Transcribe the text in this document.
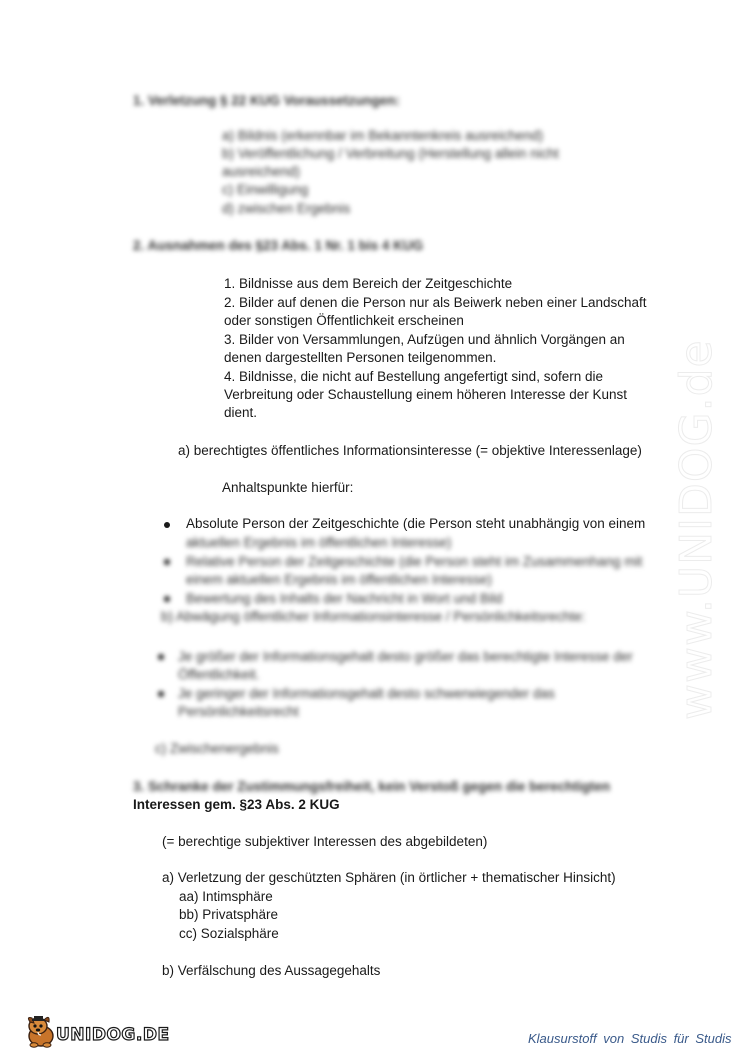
www.UNIDOG.de
1. Verletzung § 22 KUG Voraussetzungen:
a) Bildnis (erkennbar im Bekanntenkreis ausreichend)
b) Veröffentlichung / Verbreitung (Herstellung allein nicht
ausreichend)
c) Einwilligung
d) zwischen Ergebnis
2. Ausnahmen des §23 Abs. 1 Nr. 1 bis 4 KUG
1. Bildnisse aus dem Bereich der Zeitgeschichte
2. Bilder auf denen die Person nur als Beiwerk neben einer Landschaft
oder sonstigen Öffentlichkeit erscheinen
3. Bilder von Versammlungen, Aufzügen und ähnlich Vorgängen an
denen dargestellten Personen teilgenommen.
4. Bildnisse, die nicht auf Bestellung angefertigt sind, sofern die
Verbreitung oder Schaustellung einem höheren Interesse der Kunst
dient.
a) berechtigtes öffentliches Informationsinteresse (= objektive Interessenlage)
Anhaltspunkte hierfür:
Absolute Person der Zeitgeschichte (die Person steht unabhängig von einem
aktuellen Ergebnis im öffentlichen Interesse)
Relative Person der Zeitgeschichte (die Person steht im Zusammenhang mit
einem aktuellen Ergebnis im öffentlichen Interesse)
Bewertung des Inhalts der Nachricht in Wort und Bild
b) Abwägung öffentlicher Informationsinteresse / Persönlichkeitsrechte:
Je größer der Informationsgehalt desto größer das berechtigte Interesse der
Öffentlichkeit.
Je geringer der Informationsgehalt desto schwerwiegender das
Persönlichkeitsrecht
c) Zwischenergebnis
3. Schranke der Zustimmungsfreiheit, kein Verstoß gegen die berechtigten
Interessen gem. §23 Abs. 2 KUG
(= berechtige subjektiver Interessen des abgebildeten)
a) Verletzung der geschützten Sphären (in örtlicher + thematischer Hinsicht)
aa) Intimsphäre
bb) Privatsphäre
cc) Sozialsphäre
b) Verfälschung des Aussagegehalts
UNIDOG.DE	Klausurstoff von Studis für Studis
